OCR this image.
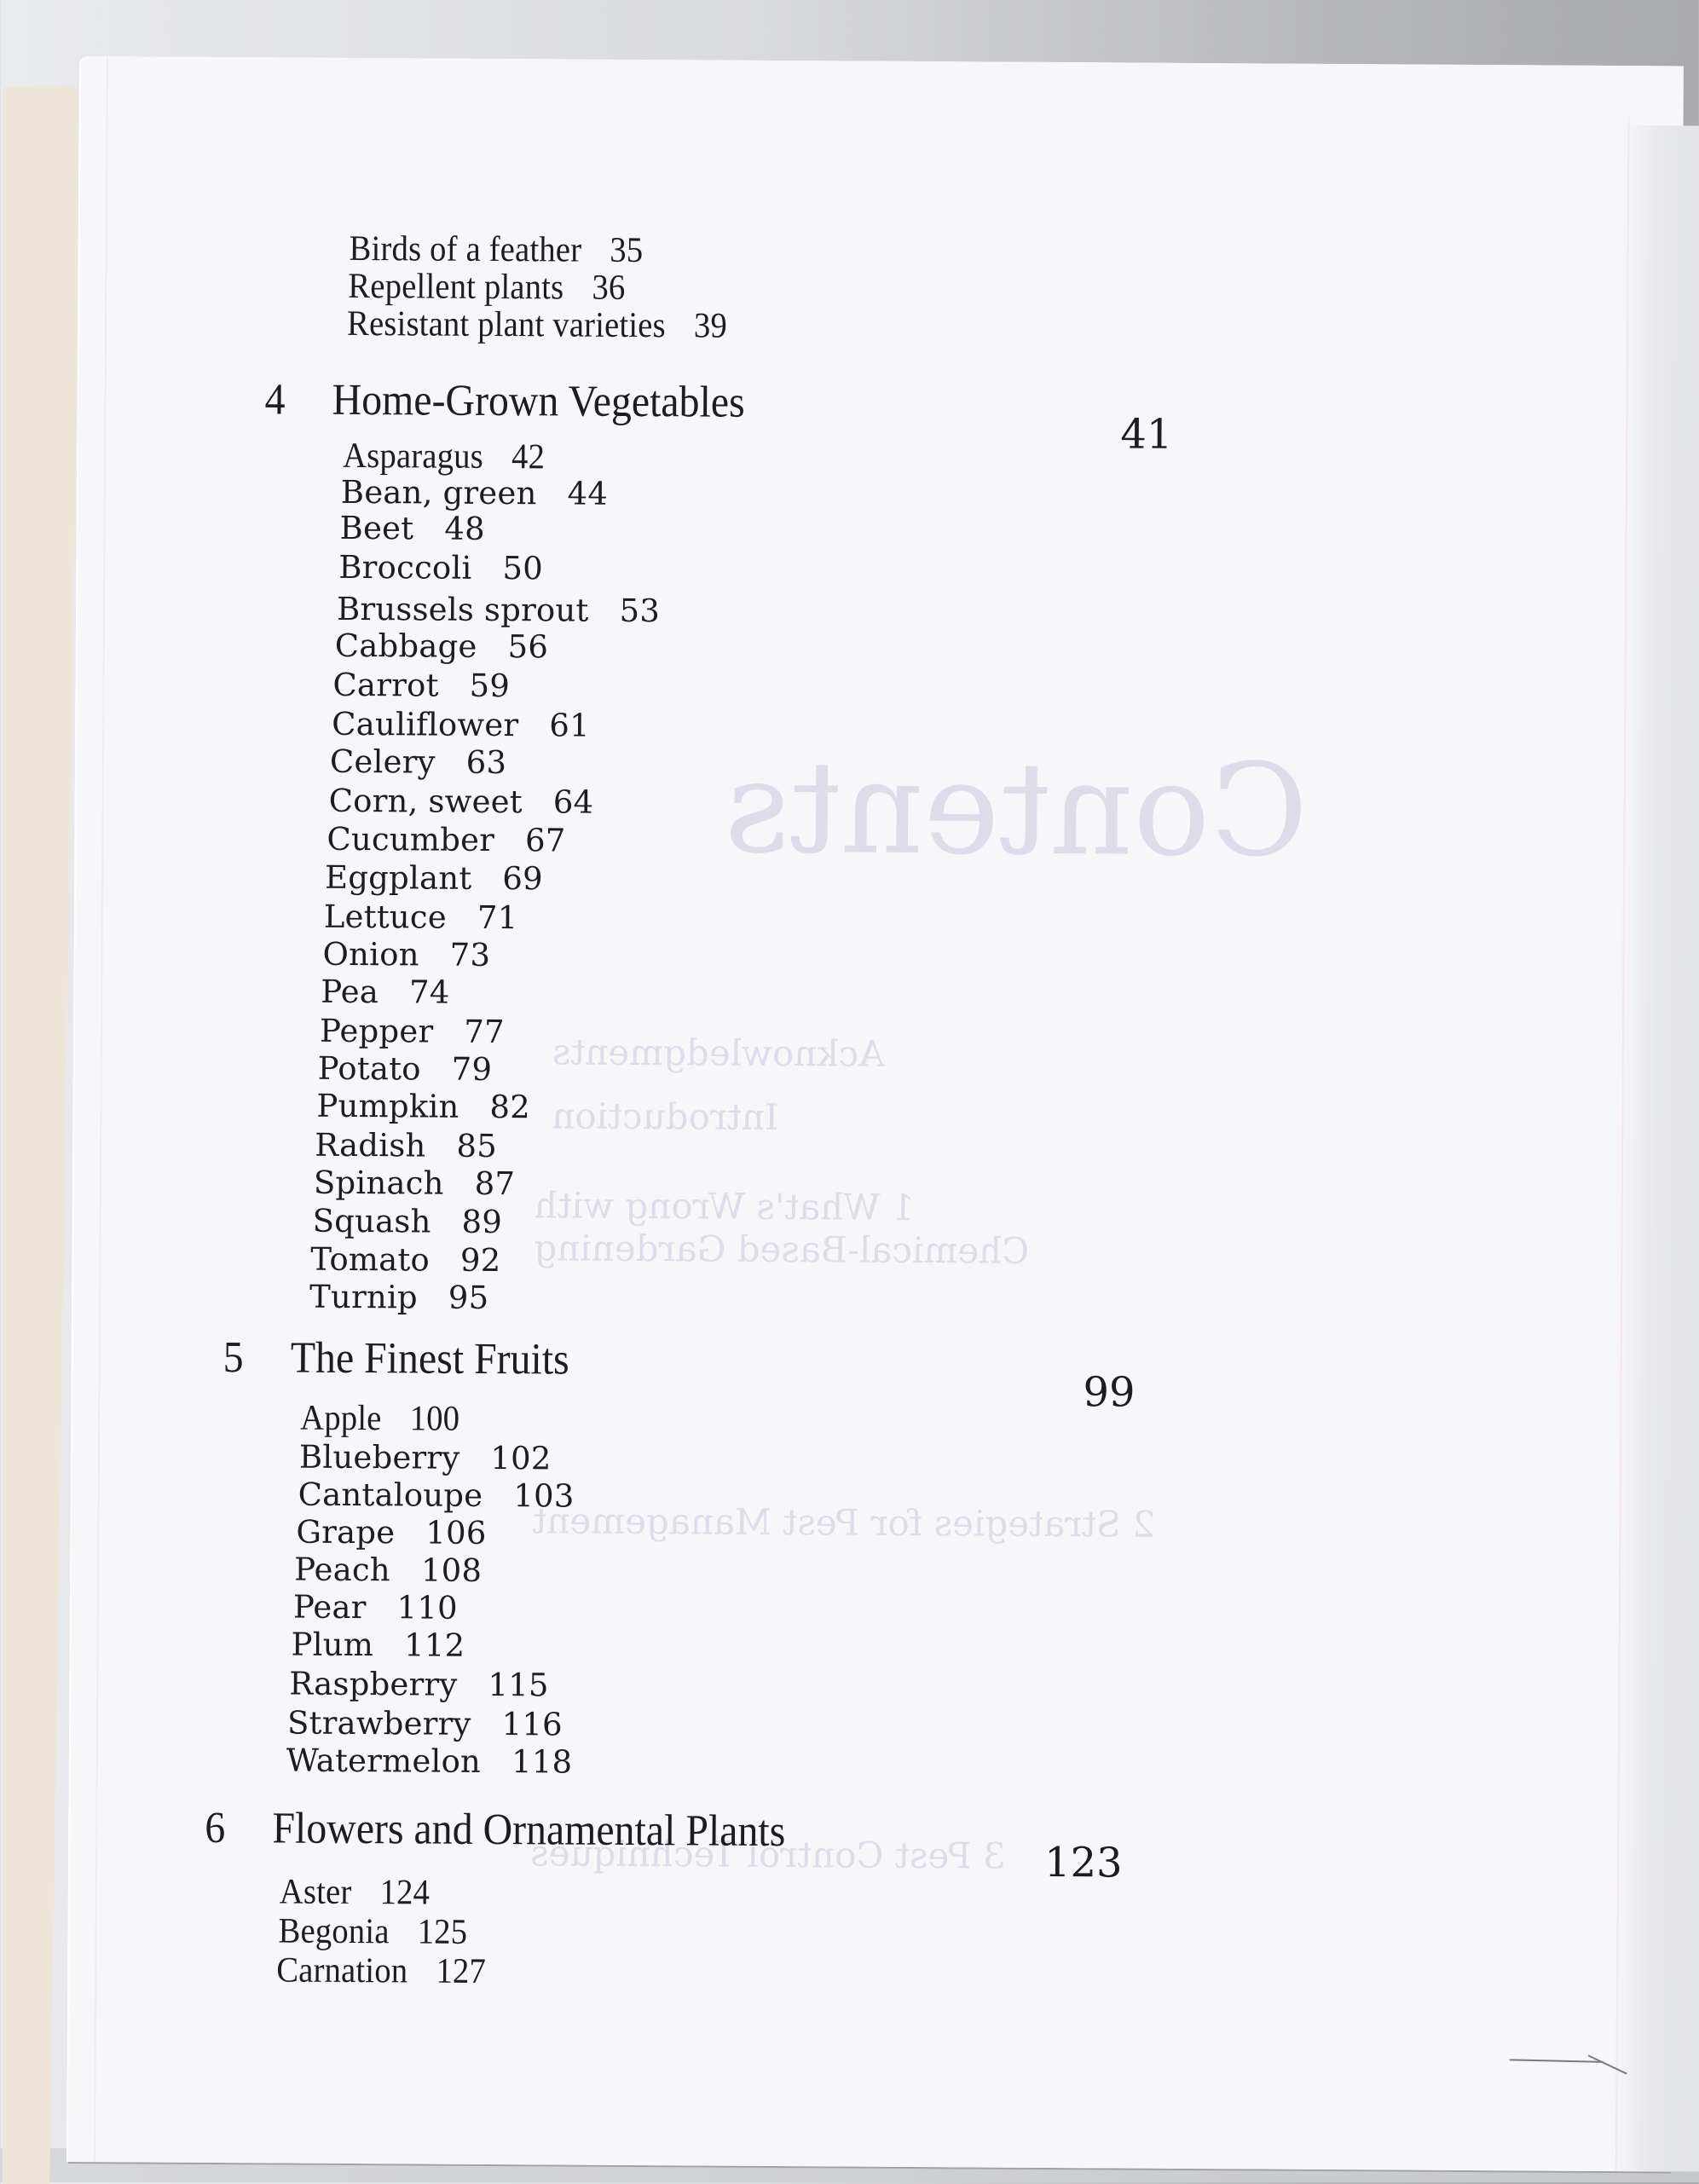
Contents
Acknowledgments
Introduction
1 What's Wrong with
Chemical-Based Gardening
2 Strategies for Pest Management
3 Pest Control Techniques
Birds of a feather 35
Repellent plants 36
Resistant plant varieties 39
4 Home-Grown Vegetables
41
Asparagus 42
Bean, green 44
Beet 48
Broccoli 50
Brussels sprout 53
Cabbage 56
Carrot 59
Cauliflower 61
Celery 63
Corn, sweet 64
Cucumber 67
Eggplant 69
Lettuce 71
Onion 73
Pea 74
Pepper 77
Potato 79
Pumpkin 82
Radish 85
Spinach 87
Squash 89
Tomato 92
Turnip 95
5 The Finest Fruits
99
Apple 100
Blueberry 102
Cantaloupe 103
Grape 106
Peach 108
Pear 110
Plum 112
Raspberry 115
Strawberry 116
Watermelon 118
6 Flowers and Ornamental Plants
123
Aster 124
Begonia 125
Carnation 127
